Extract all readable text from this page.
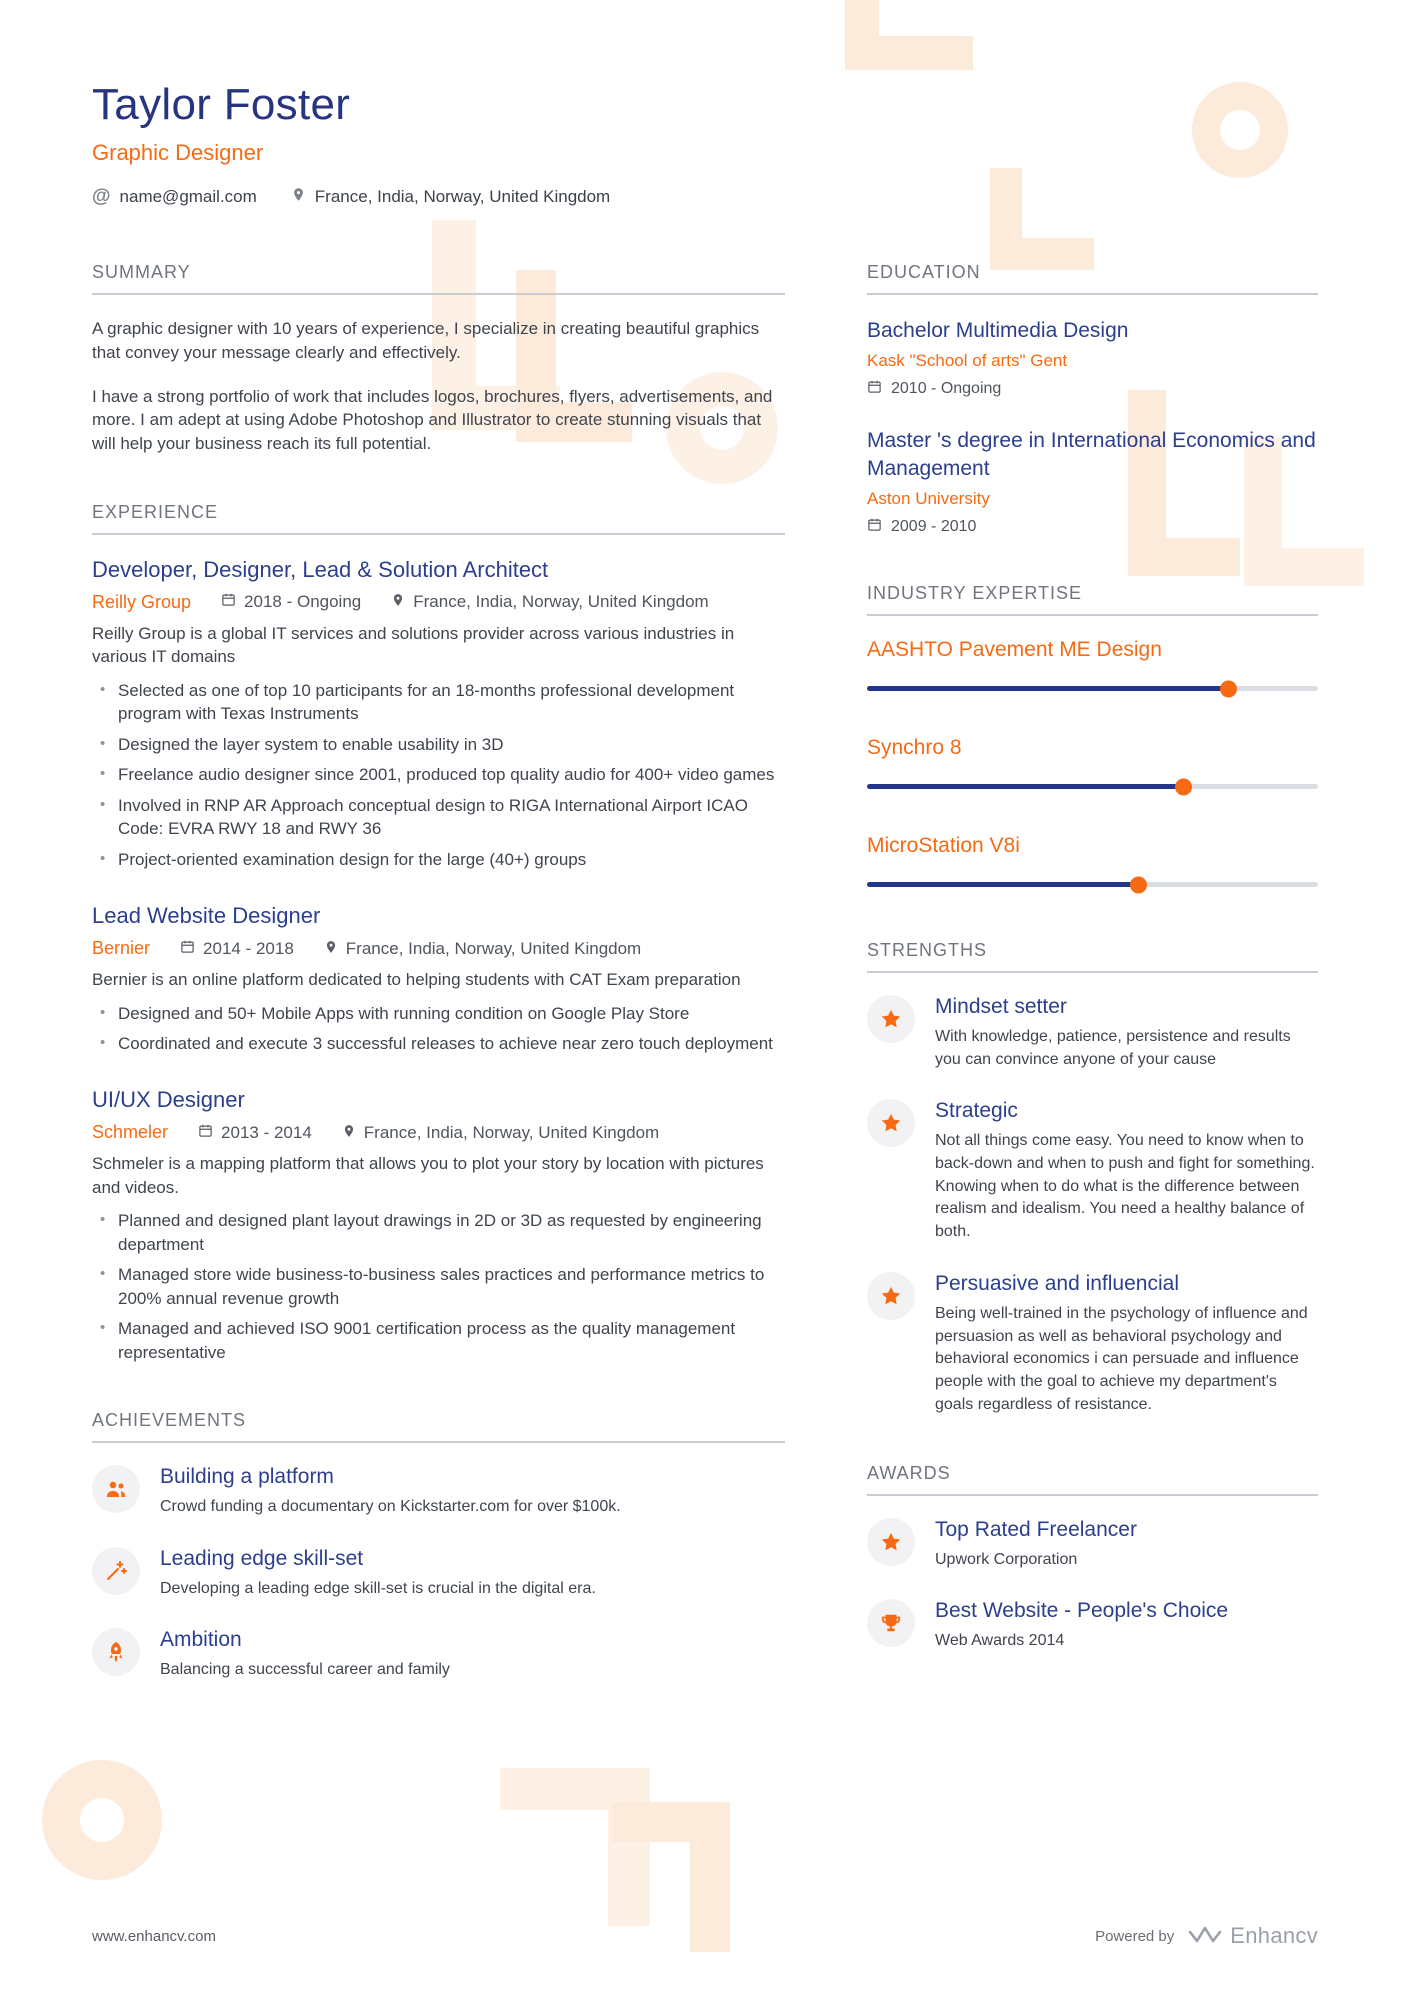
Taylor Foster
Graphic Designer
@ name@gmail.com	France, India, Norway, United Kingdom
SUMMARY

A graphic designer with 10 years of experience, I specialize in creating beautiful graphics that convey your message clearly and effectively.

I have a strong portfolio of work that includes logos, brochures, flyers, advertisements, and more. I am adept at using Adobe Photoshop and Illustrator to create stunning visuals that will help your business reach its full potential.

EXPERIENCE
Developer, Designer, Lead & Solution Architect
Reilly Group	2018 - Ongoing	France, India, Norway, United Kingdom

Reilly Group is a global IT services and solutions provider across various industries in various IT domains

• Selected as one of top 10 participants for an 18-months professional development program with Texas Instruments
• Designed the layer system to enable usability in 3D
• Freelance audio designer since 2001, produced top quality audio for 400+ video games
• Involved in RNP AR Approach conceptual design to RIGA International Airport ICAO Code: EVRA RWY 18 and RWY 36
• Project-oriented examination design for the large (40+) groups
Lead Website Designer
Bernier	2014 - 2018	France, India, Norway, United Kingdom

Bernier is an online platform dedicated to helping students with CAT Exam preparation

• Designed and 50+ Mobile Apps with running condition on Google Play Store
• Coordinated and execute 3 successful releases to achieve near zero touch deployment
UI/UX Designer
Schmeler	2013 - 2014	France, India, Norway, United Kingdom

Schmeler is a mapping platform that allows you to plot your story by location with pictures and videos.

• Planned and designed plant layout drawings in 2D or 3D as requested by engineering department
• Managed store wide business-to-business sales practices and performance metrics to 200% annual revenue growth
• Managed and achieved ISO 9001 certification process as the quality management representative
ACHIEVEMENTS
Building a platform

Crowd funding a documentary on Kickstarter.com for over $100k.

Leading edge skill-set

Developing a leading edge skill-set is crucial in the digital era.

Ambition

Balancing a successful career and family

EDUCATION
Bachelor Multimedia Design
Kask "School of arts" Gent
2010 - Ongoing
Master 's degree in International Economics and Management
Aston University
2009 - 2010
INDUSTRY EXPERTISE
AASHTO Pavement ME Design
Synchro 8
MicroStation V8i
STRENGTHS
Mindset setter

With knowledge, patience, persistence and results you can convince anyone of your cause

Strategic

Not all things come easy. You need to know when to back-down and when to push and fight for something. Knowing when to do what is the difference between realism and idealism. You need a healthy balance of both.

Persuasive and influencial

Being well-trained in the psychology of influence and persuasion as well as behavioral psychology and behavioral economics i can persuade and influence people with the goal to achieve my department's goals regardless of resistance.

AWARDS
Top Rated Freelancer

Upwork Corporation

Best Website - People's Choice

Web Awards 2014

www.enhancv.com	Powered by	Enhancv
